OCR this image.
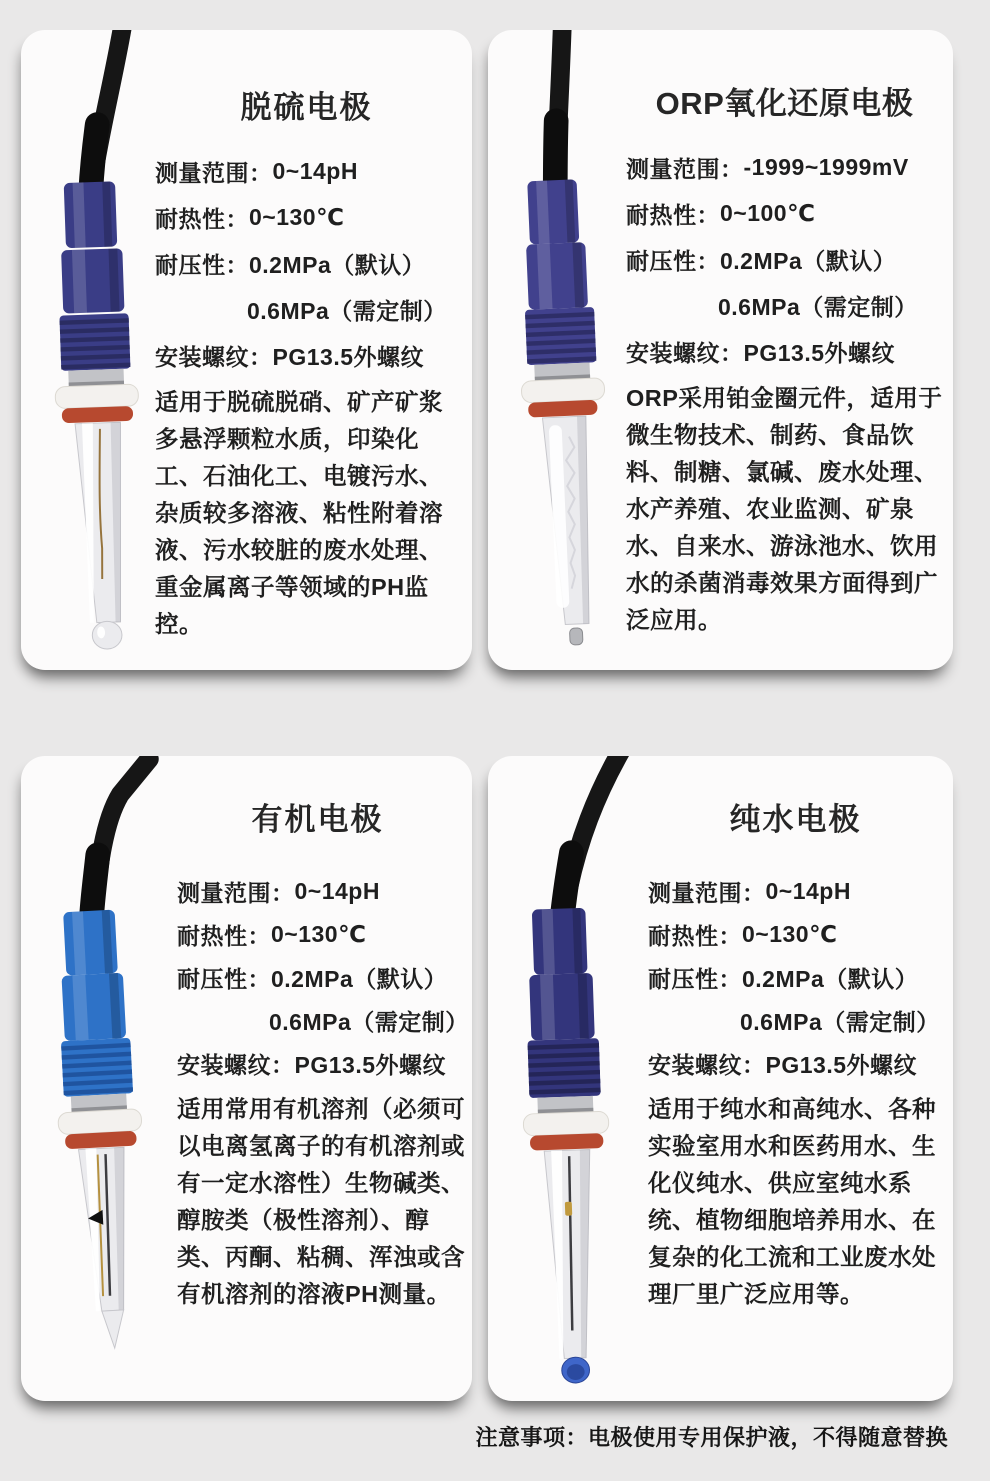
脱硫电极
测量范围： 0~14pH
耐热性： 0~130℃
耐压性： 0.2MPa（默认）
0.6MPa（需定制）
安装螺纹： PG13.5外螺纹

适用于脱硫脱硝、矿产矿浆多悬浮颗粒水质，印染化工、石油化工、电镀污水、杂质较多溶液、粘性附着溶液、污水较脏的废水处理、重金属离子等领域的PH监控。

ORP氧化还原电极
测量范围： -1999~1999mV
耐热性： 0~100℃
耐压性： 0.2MPa（默认）
0.6MPa（需定制）
安装螺纹： PG13.5外螺纹

ORP采用铂金圈元件，适用于微生物技术、制药、食品饮料、制糖、氯碱、废水处理、水产养殖、农业监测、矿泉水、自来水、游泳池水、饮用水的杀菌消毒效果方面得到广泛应用。

有机电极
测量范围： 0~14pH
耐热性： 0~130℃
耐压性： 0.2MPa（默认）
0.6MPa（需定制）
安装螺纹： PG13.5外螺纹

适用常用有机溶剂（必须可以电离氢离子的有机溶剂或有一定水溶性）生物碱类、醇胺类（极性溶剂）、醇类、丙酮、粘稠、浑浊或含有机溶剂的溶液PH测量。

纯水电极
测量范围： 0~14pH
耐热性： 0~130℃
耐压性： 0.2MPa（默认）
0.6MPa（需定制）
安装螺纹： PG13.5外螺纹

适用于纯水和高纯水、各种实验室用水和医药用水、生化仪纯水、供应室纯水系统、植物细胞培养用水、在复杂的化工流和工业废水处理厂里广泛应用等。

注意事项：电极使用专用保护液，不得随意替换
